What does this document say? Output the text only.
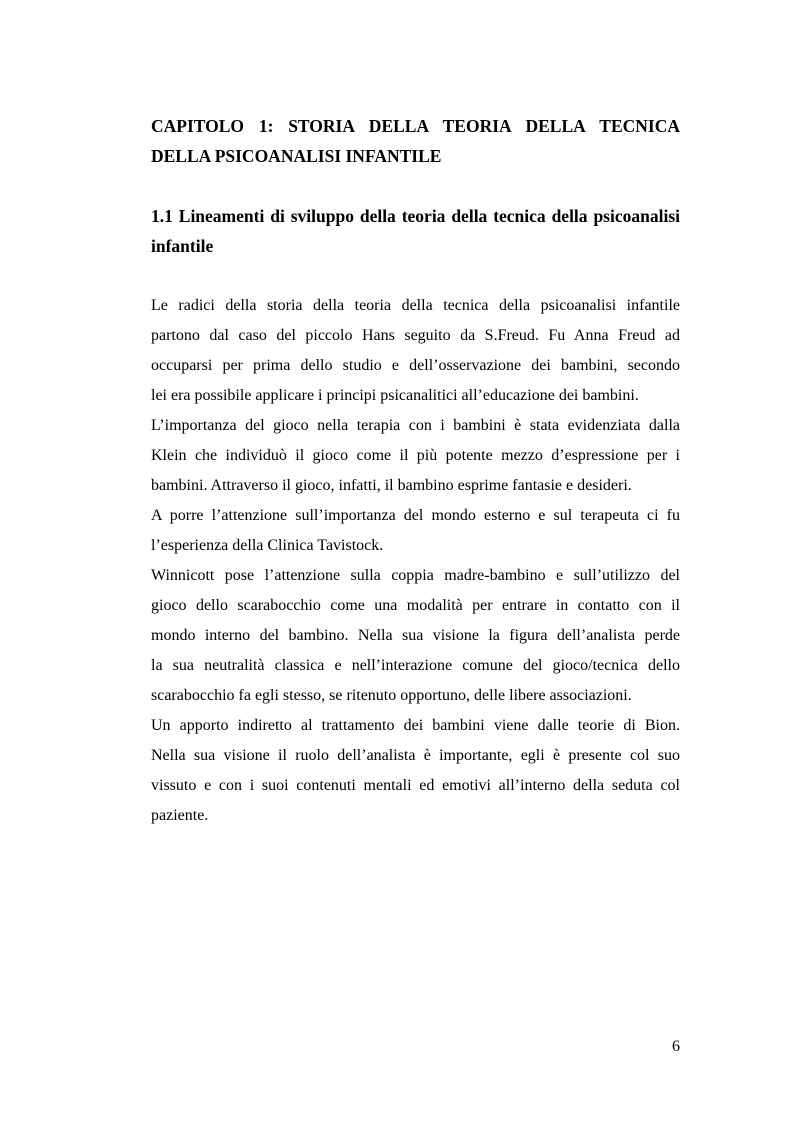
CAPITOLO 1: STORIA DELLA TEORIA DELLA TECNICA
DELLA PSICOANALISI INFANTILE
1.1 Lineamenti di sviluppo della teoria della tecnica della psicoanalisi
infantile
Le radici della storia della teoria della tecnica della psicoanalisi infantile
partono dal caso del piccolo Hans seguito da S.Freud. Fu Anna Freud ad
occuparsi per prima dello studio e dell’osservazione dei bambini, secondo
lei era possibile applicare i principi psicanalitici all’educazione dei bambini.
L’importanza del gioco nella terapia con i bambini è stata evidenziata dalla
Klein che individuò il gioco come il più potente mezzo d’espressione per i
bambini. Attraverso il gioco, infatti, il bambino esprime fantasie e desideri.
A porre l’attenzione sull’importanza del mondo esterno e sul terapeuta ci fu
l’esperienza della Clinica Tavistock.
Winnicott pose l’attenzione sulla coppia madre-bambino e sull’utilizzo del
gioco dello scarabocchio come una modalità per entrare in contatto con il
mondo interno del bambino. Nella sua visione la figura dell’analista perde
la sua neutralità classica e nell’interazione comune del gioco/tecnica dello
scarabocchio fa egli stesso, se ritenuto opportuno, delle libere associazioni.
Un apporto indiretto al trattamento dei bambini viene dalle teorie di Bion.
Nella sua visione il ruolo dell’analista è importante, egli è presente col suo
vissuto e con i suoi contenuti mentali ed emotivi all’interno della seduta col
paziente.
6
